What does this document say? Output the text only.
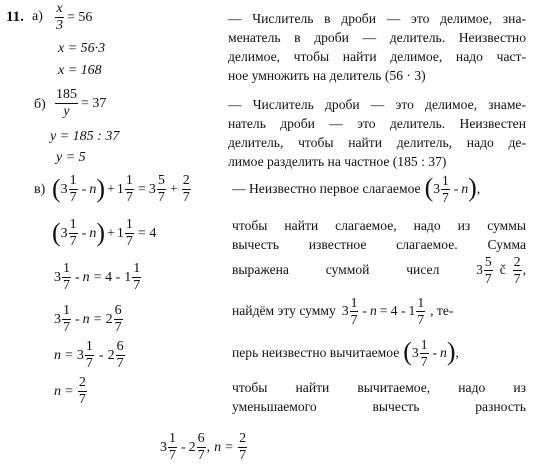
11. $а) \frac{x}{3} = 56$
x = 56∙3
x = 168
— Числитель в дроби — это делимое, зна-
менатель в дроби — делитель. Неизвестно
делимое, чтобы найти делимое, надо част-
ное умножить на делитель (56 · 3)
$б) \frac{185}{y} = 37$
y = 185 : 37
y = 5
— Числитель дроби — это делимое, знаме-
натель дроби — это делитель. Неизвестен
делитель, чтобы найти делитель, надо де-
лимое разделить на частное (185 : 37)
в) ( $3 \frac{1}{7}$ - n ) + $1 \frac{1}{7} = 3 \frac{5}{7} + \frac{2}{7}$
( $3 \frac{1}{7}$ - n ) + $1 \frac{1}{7} = 4$
$3 \frac{1}{7} - n = 4 - 1 \frac{1}{7}$
$3 \frac{1}{7} - n = 2 \frac{6}{7}$
$n = 3 \frac{1}{7} - 2 \frac{6}{7}$
$n = \frac{2}{7}$
— Неизвестно первое слагаемое ( $3 \frac{1}{7}$ - n ) ,
чтобы найти слагаемое, надо из суммы
вычесть известное слагаемое. Сумма
выражена	суммой	чисел	$3 \frac{5}{7}$ č $\frac{2}{7}$ ,
найдём эту сумму $3 \frac{1}{7} - n = 4 - 1 \frac{1}{7}$ , те-
перь неизвестно вычитаемое ( $3 \frac{1}{7}$ - n ) ,
чтобы найти вычитаемое, надо из
уменьшаемого вычесть разность
$3 \frac{1}{7} - 2 \frac{6}{7}$ , $n = \frac{2}{7}$
